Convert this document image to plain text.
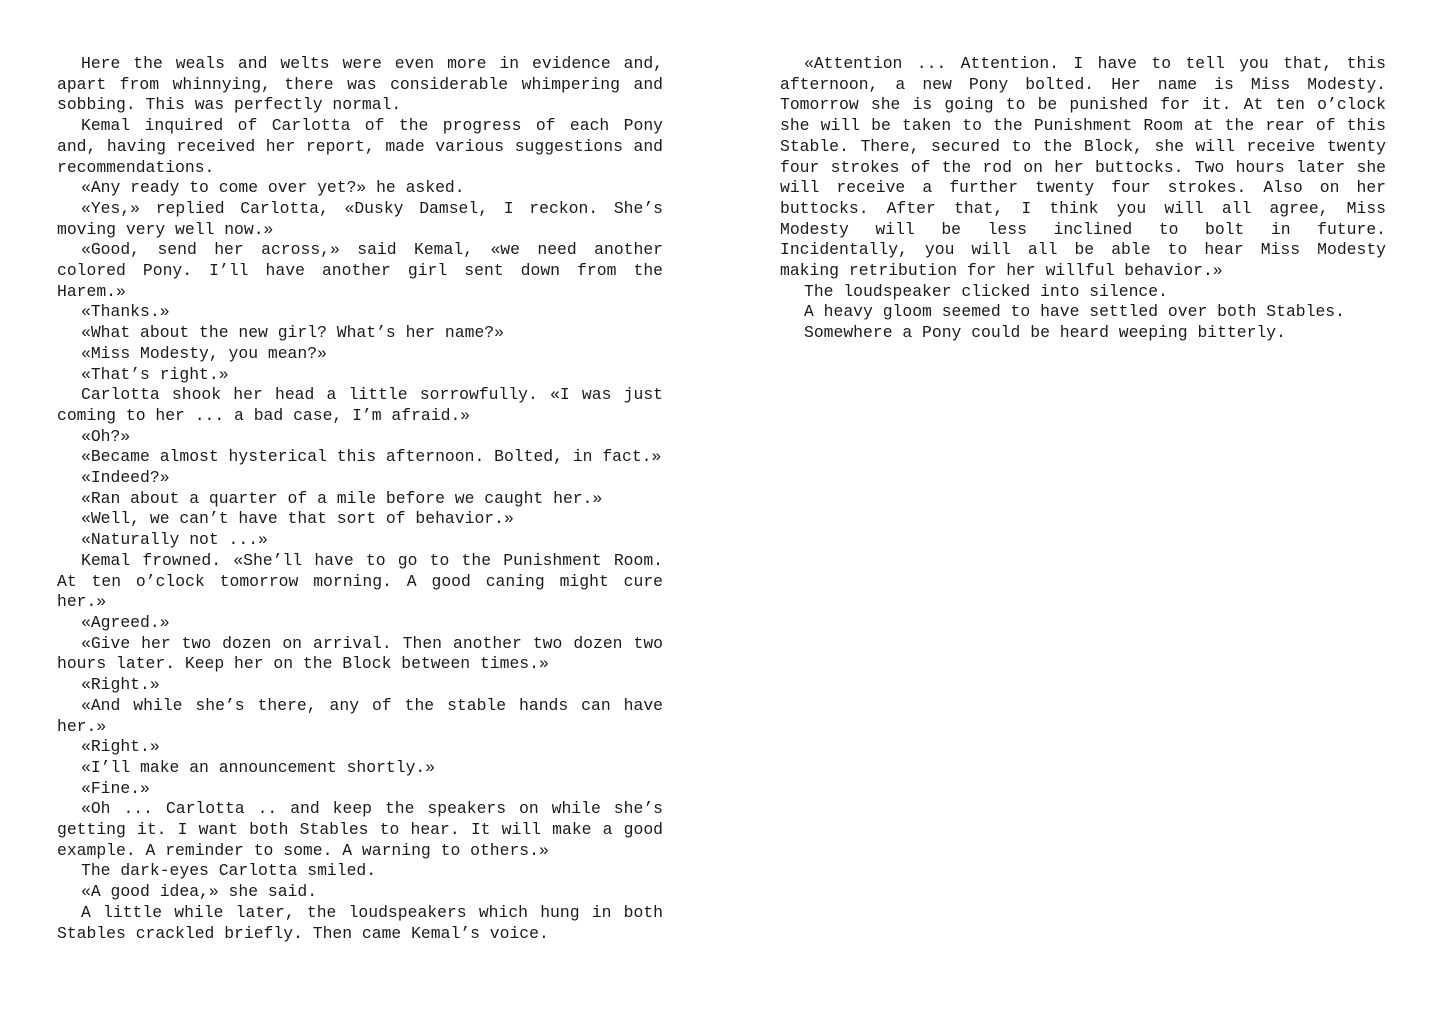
Here the weals and welts were even more in evidence and, apart from whinnying, there was considerable whimpering and sobbing. This was perfectly normal.

Kemal inquired of Carlotta of the progress of each Pony and, having received her report, made various suggestions and recommendations.

«Any ready to come over yet?» he asked.

«Yes,» replied Carlotta, «Dusky Damsel, I reckon. She’s moving very well now.»

«Good, send her across,» said Kemal, «we need another colored Pony. I’ll have another girl sent down from the Harem.»

«Thanks.»

«What about the new girl? What’s her name?»

«Miss Modesty, you mean?»

«That’s right.»

Carlotta shook her head a little sorrowfully. «I was just coming to her ... a bad case, I’m afraid.»

«Oh?»

«Became almost hysterical this afternoon. Bolted, in fact.»

«Indeed?»

«Ran about a quarter of a mile before we caught her.»

«Well, we can’t have that sort of behavior.»

«Naturally not ...»

Kemal frowned. «She’ll have to go to the Punishment Room. At ten o’clock tomorrow morning. A good caning might cure her.»

«Agreed.»

«Give her two dozen on arrival. Then another two dozen two hours later. Keep her on the Block between times.»

«Right.»

«And while she’s there, any of the stable hands can have her.»

«Right.»

«I’ll make an announcement shortly.»

«Fine.»

«Oh ... Carlotta .. and keep the speakers on while she’s getting it. I want both Stables to hear. It will make a good example. A reminder to some. A warning to others.»

The dark-eyes Carlotta smiled.

«A good idea,» she said.

A little while later, the loudspeakers which hung in both Stables crackled briefly. Then came Kemal’s voice.

«Attention ... Attention. I have to tell you that, this afternoon, a new Pony bolted. Her name is Miss Modesty. Tomorrow she is going to be punished for it. At ten o’clock she will be taken to the Punishment Room at the rear of this Stable. There, secured to the Block, she will receive twenty four strokes of the rod on her buttocks. Two hours later she will receive a further twenty four strokes. Also on her buttocks. After that, I think you will all agree, Miss Modesty will be less inclined to bolt in future. Incidentally, you will all be able to hear Miss Modesty making retribution for her willful behavior.»

The loudspeaker clicked into silence.

A heavy gloom seemed to have settled over both Stables.

Somewhere a Pony could be heard weeping bitterly.
